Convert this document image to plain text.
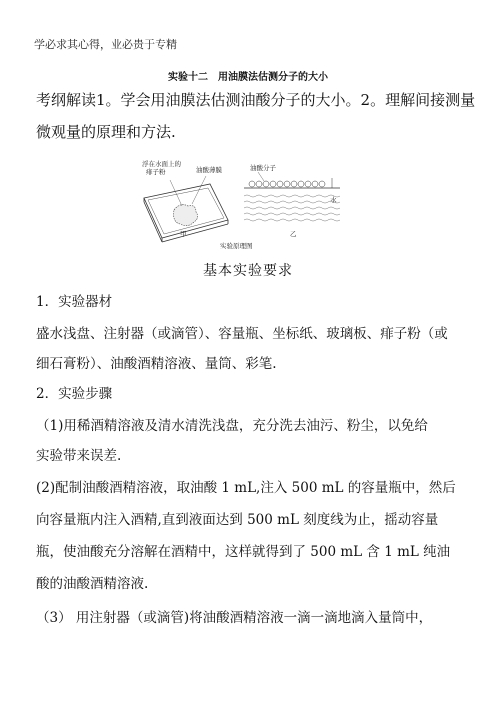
学必求其心得，业必贵于专精
实验十二　用油膜法估测分子的大小
考纲解读1。学会用油膜法估测油酸分子的大小。2。理解间接测量
微观量的原理和方法.
浮在水面上的
痱子粉	油酸薄膜	油酸分子
水
甲	乙
实验原理图
基本实验要求
1．实验器材
盛水浅盘、注射器（或滴管）、容量瓶、坐标纸、玻璃板、痱子粉（或
细石膏粉）、油酸酒精溶液、量筒、彩笔.
2．实验步骤
（1)用稀酒精溶液及清水清洗浅盘，充分洗去油污、粉尘，以免给
实验带来误差.
(2)配制油酸酒精溶液，取油酸 1 mL,注入 500 mL 的容量瓶中，然后
向容量瓶内注入酒精,直到液面达到 500 mL 刻度线为止，摇动容量
瓶，使油酸充分溶解在酒精中，这样就得到了 500 mL 含 1 mL 纯油
酸的油酸酒精溶液.
（3） 用注射器（或滴管)将油酸酒精溶液一滴一滴地滴入量筒中，
